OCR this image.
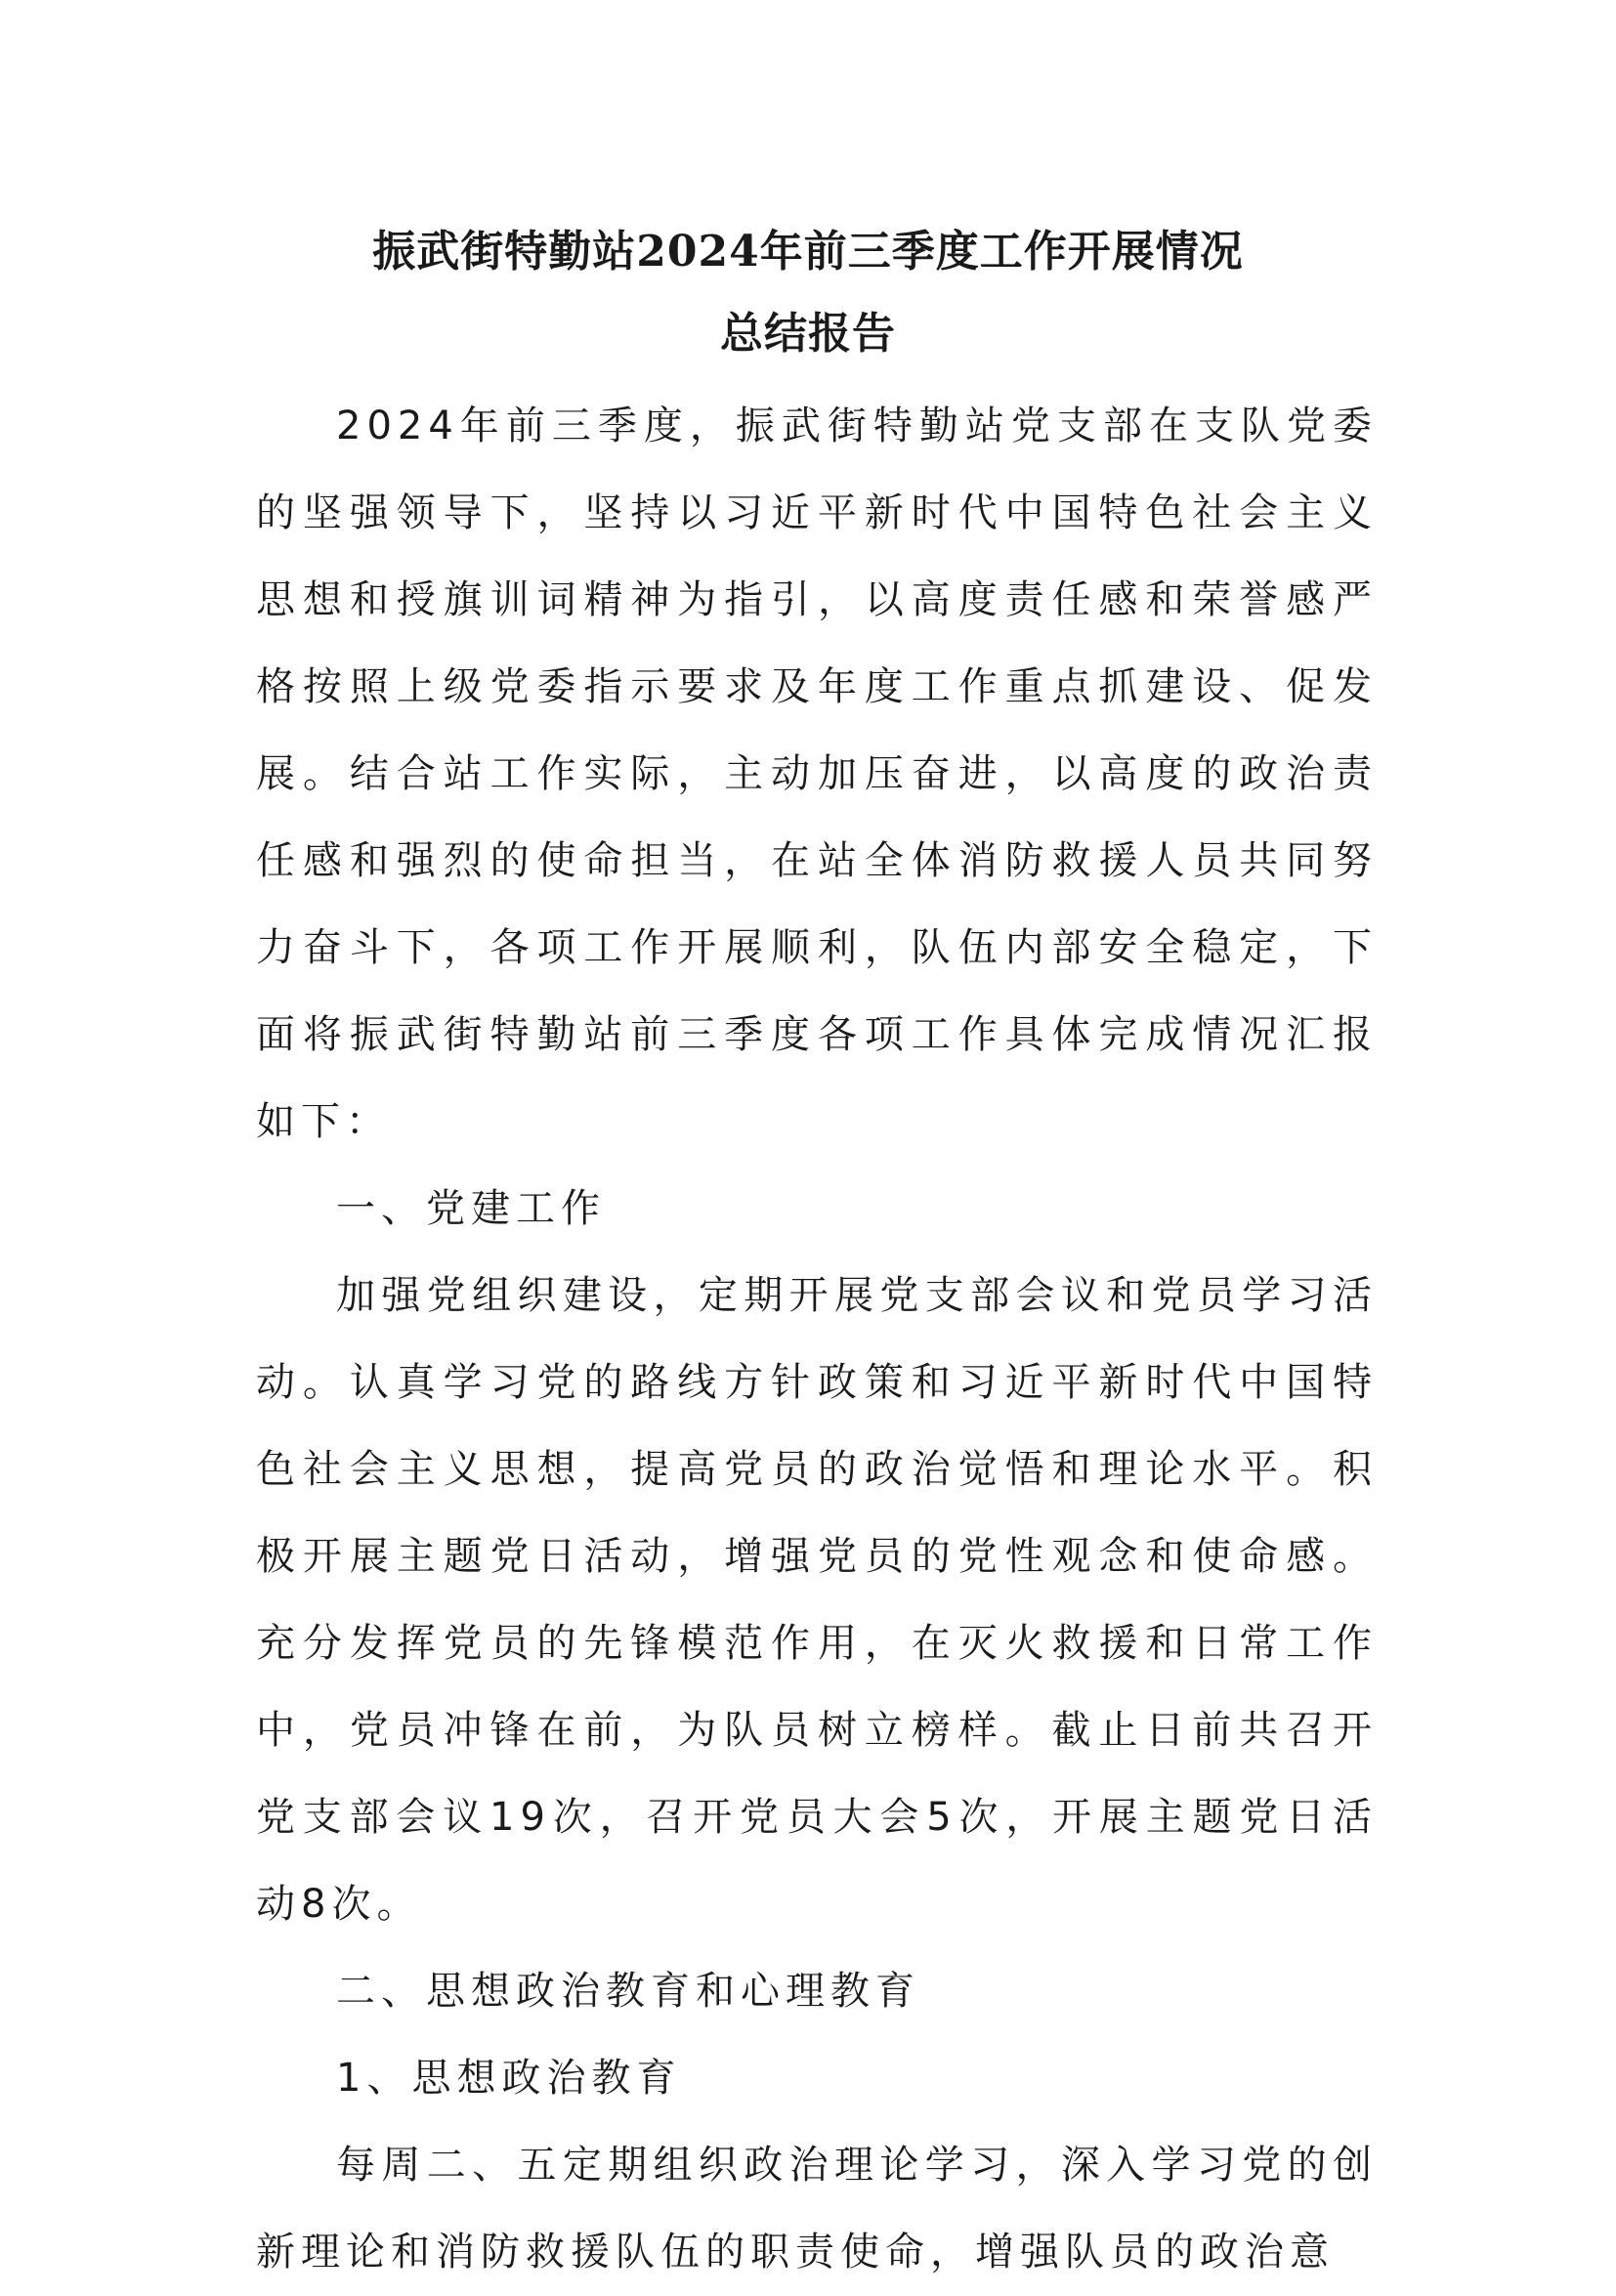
振武街特勤站2024年前三季度工作开展情况
总结报告

2024年前三季度，振武街特勤站党支部在支队党委的坚强领导下，坚持以习近平新时代中国特色社会主义思想和授旗训词精神为指引，以高度责任感和荣誉感严格按照上级党委指示要求及年度工作重点抓建设、促发展。结合站工作实际，主动加压奋进，以高度的政治责任感和强烈的使命担当，在站全体消防救援人员共同努力奋斗下，各项工作开展顺利，队伍内部安全稳定，下面将振武街特勤站前三季度各项工作具体完成情况汇报如下：

一、党建工作

加强党组织建设，定期开展党支部会议和党员学习活动。认真学习党的路线方针政策和习近平新时代中国特色社会主义思想，提高党员的政治觉悟和理论水平。积极开展主题党日活动，增强党员的党性观念和使命感。充分发挥党员的先锋模范作用，在灭火救援和日常工作中，党员冲锋在前，为队员树立榜样。截止日前共召开党支部会议19次，召开党员大会5次，开展主题党日活动8次。

二、思想政治教育和心理教育

1、思想政治教育

每周二、五定期组织政治理论学习，深入学习党的创新理论和消防救援队伍的职责使命，增强队员的政治意
